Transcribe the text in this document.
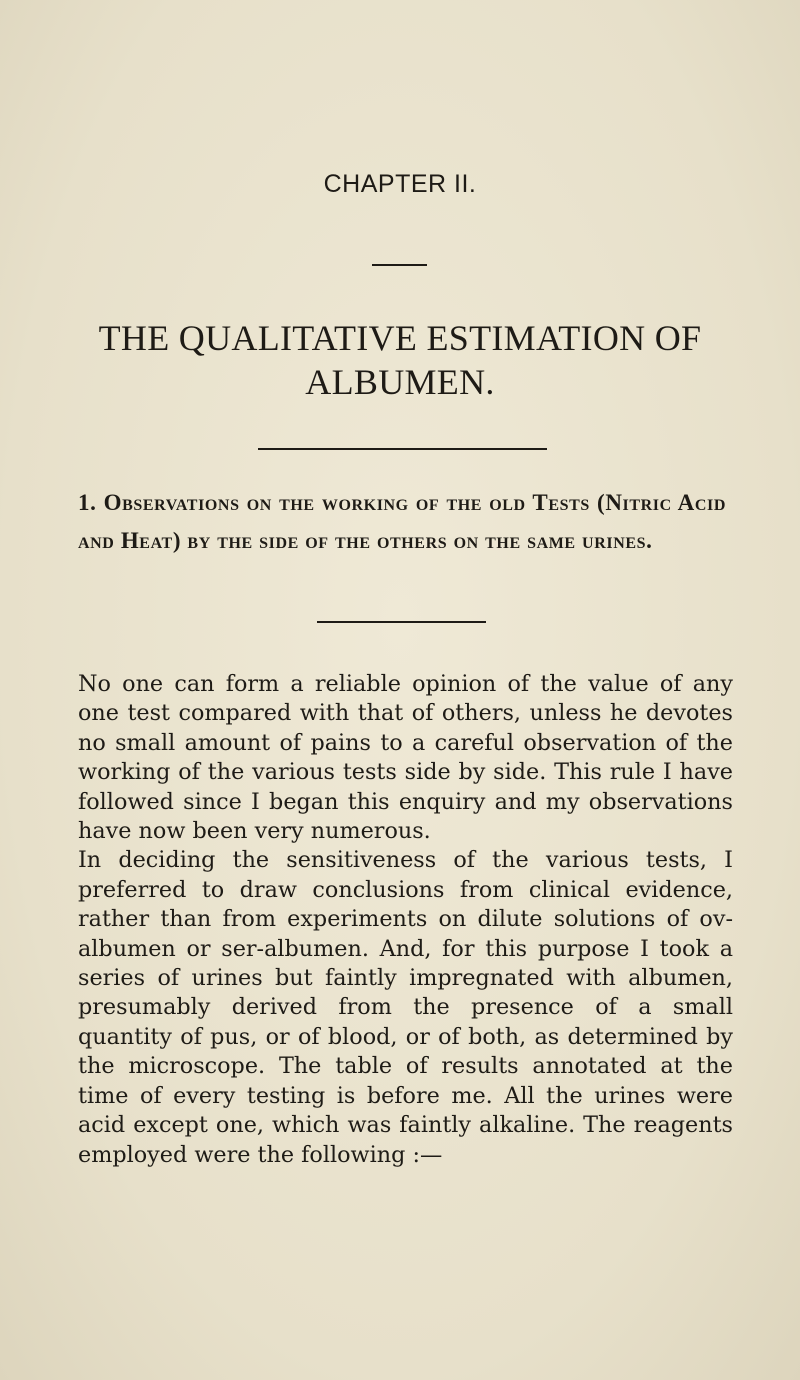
CHAPTER II.
THE QUALITATIVE ESTIMATION OF ALBUMEN.
1. Observations on the working of the old Tests (Nitric Acid and Heat) by the side of the others on the same urines.

No one can form a reliable opinion of the value of any one test compared with that of others, unless he devotes no small amount of pains to a careful observation of the working of the various tests side by side. This rule I have followed since I began this enquiry and my observations have now been very numerous.

In deciding the sensitiveness of the various tests, I preferred to draw conclusions from clinical evidence, rather than from experiments on dilute solutions of ov-albumen or ser-albumen. And, for this purpose I took a series of urines but faintly impregnated with albumen, presumably derived from the presence of a small quantity of pus, or of blood, or of both, as determined by the microscope. The table of results annotated at the time of every testing is before me. All the urines were acid except one, which was faintly alkaline. The reagents employed were the following :—
